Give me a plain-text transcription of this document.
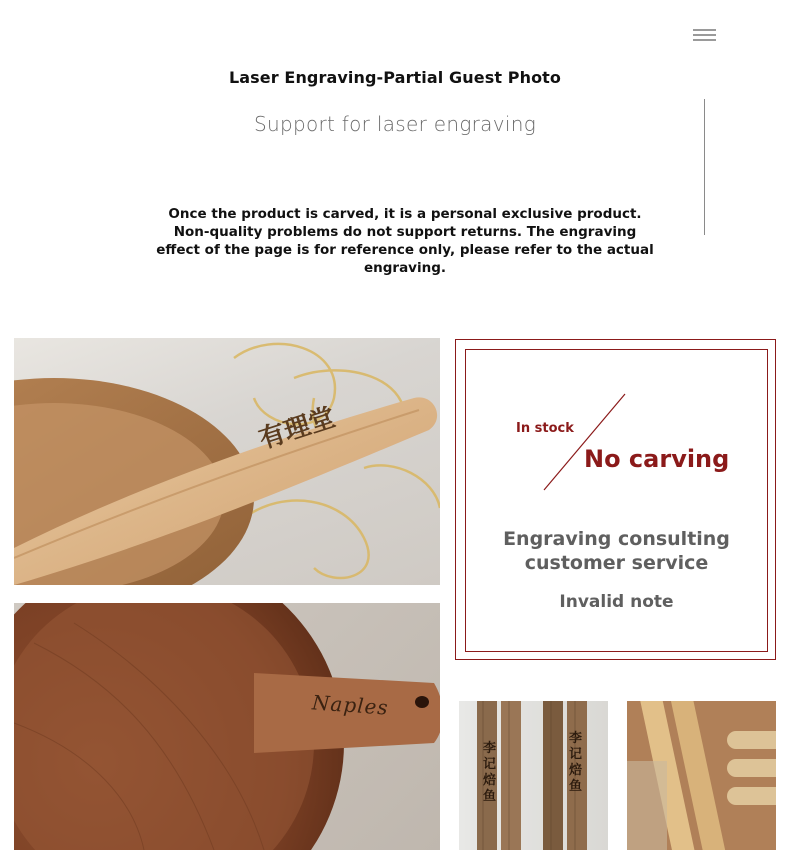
Laser Engraving-Partial Guest Photo
Support for laser engraving
Once the product is carved, it is a personal exclusive product. Non-quality problems do not support returns. The engraving effect of the page is for reference only, please refer to the actual engraving.
有理堂
Naples
李记焙鱼
李记焙鱼
In stock
No carving
Engraving consulting customer service
Invalid note
